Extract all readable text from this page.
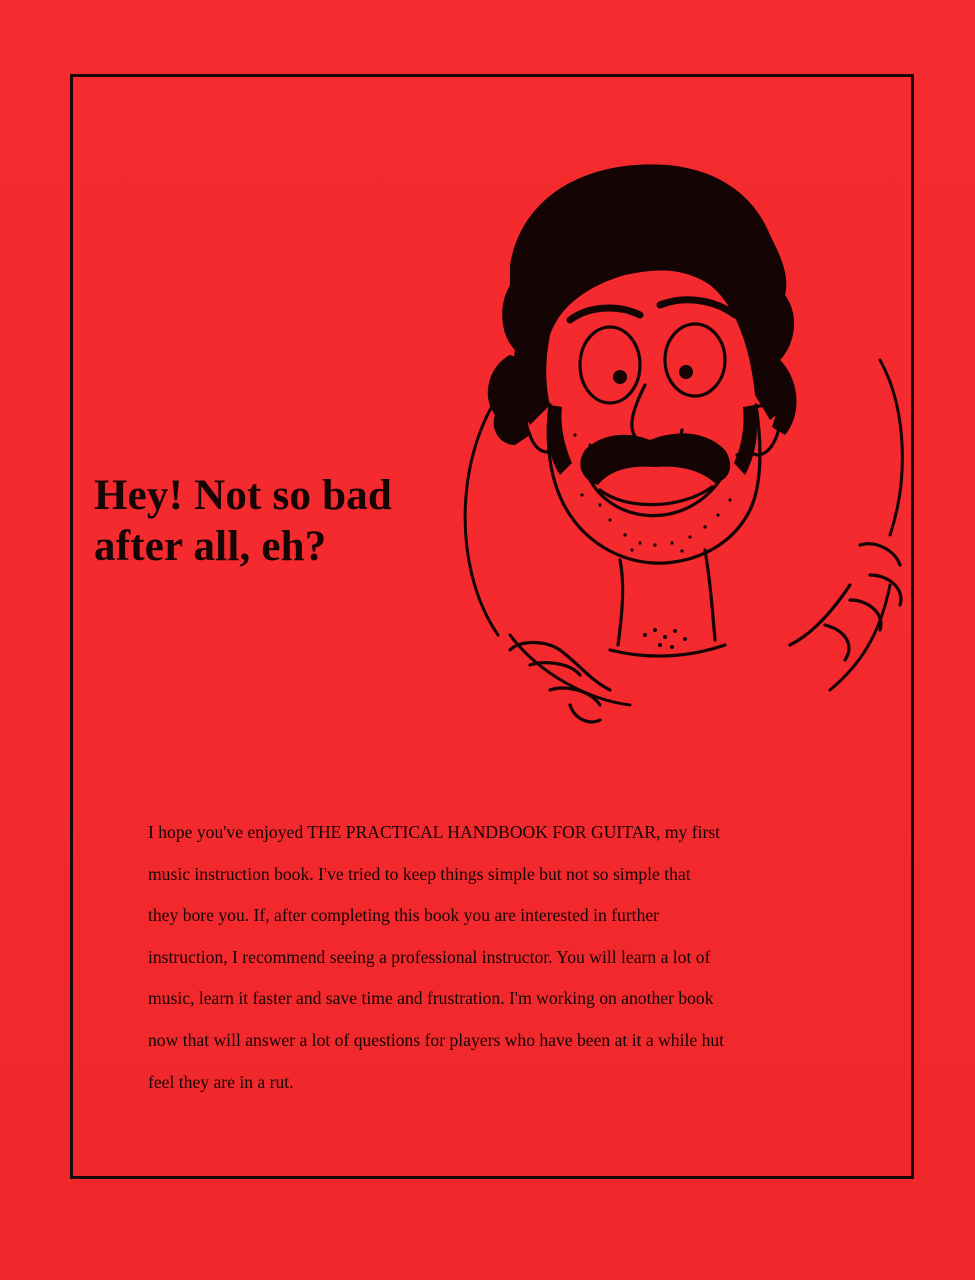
Hey! Not so bad
after all, eh?

I hope you've enjoyed THE PRACTICAL HANDBOOK FOR GUITAR, my first
music instruction book. I've tried to keep things simple but not so simple that
they bore you. If, after completing this book you are interested in further
instruction, I recommend seeing a professional instructor. You will learn a lot of
music, learn it faster and save time and frustration. I'm working on another book
now that will answer a lot of questions for players who have been at it a while hut
feel they are in a rut.
